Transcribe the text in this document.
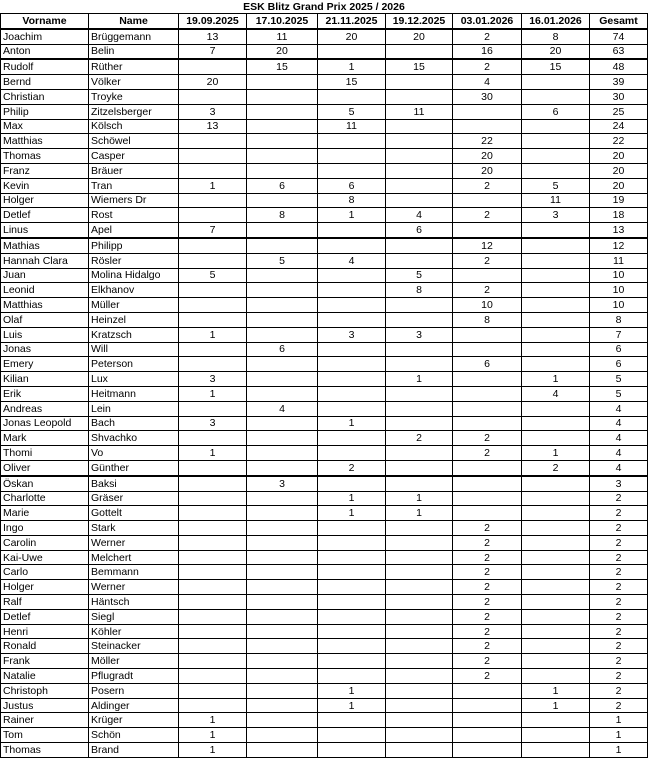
ESK Blitz Grand Prix 2025 / 2026								
Vorname	Name	19.09.2025	17.10.2025	21.11.2025	19.12.2025	03.01.2026	16.01.2026	Gesamt
Joachim	Brüggemann	13	11	20	20	2	8	74
Anton	Belin	7	20			16	20	63
Rudolf	Rüther		15	1	15	2	15	48
Bernd	Völker	20		15		4		39
Christian	Troyke					30		30
Philip	Zitzelsberger	3		5	11		6	25
Max	Kölsch	13		11				24
Matthias	Schöwel					22		22
Thomas	Casper					20		20
Franz	Bräuer					20		20
Kevin	Tran	1	6	6		2	5	20
Holger	Wiemers Dr			8			11	19
Detlef	Rost		8	1	4	2	3	18
Linus	Apel	7			6			13
Mathias	Philipp					12		12
Hannah Clara	Rösler		5	4		2		11
Juan	Molina Hidalgo	5			5			10
Leonid	Elkhanov				8	2		10
Matthias	Müller					10		10
Olaf	Heinzel					8		8
Luis	Kratzsch	1		3	3			7
Jonas	Will		6					6
Emery	Peterson					6		6
Kilian	Lux	3			1		1	5
Erik	Heitmann	1					4	5
Andreas	Lein		4					4
Jonas Leopold	Bach	3		1				4
Mark	Shvachko				2	2		4
Thomi	Vo	1				2	1	4
Oliver	Günther			2			2	4
Öskan	Baksi		3					3
Charlotte	Gräser			1	1			2
Marie	Gottelt			1	1			2
Ingo	Stark					2		2
Carolin	Werner					2		2
Kai-Uwe	Melchert					2		2
Carlo	Bemmann					2		2
Holger	Werner					2		2
Ralf	Häntsch					2		2
Detlef	Siegl					2		2
Henri	Köhler					2		2
Ronald	Steinacker					2		2
Frank	Möller					2		2
Natalie	Pflugradt					2		2
Christoph	Posern			1			1	2
Justus	Aldinger			1			1	2
Rainer	Krüger	1						1
Tom	Schön	1						1
Thomas	Brand	1						1
